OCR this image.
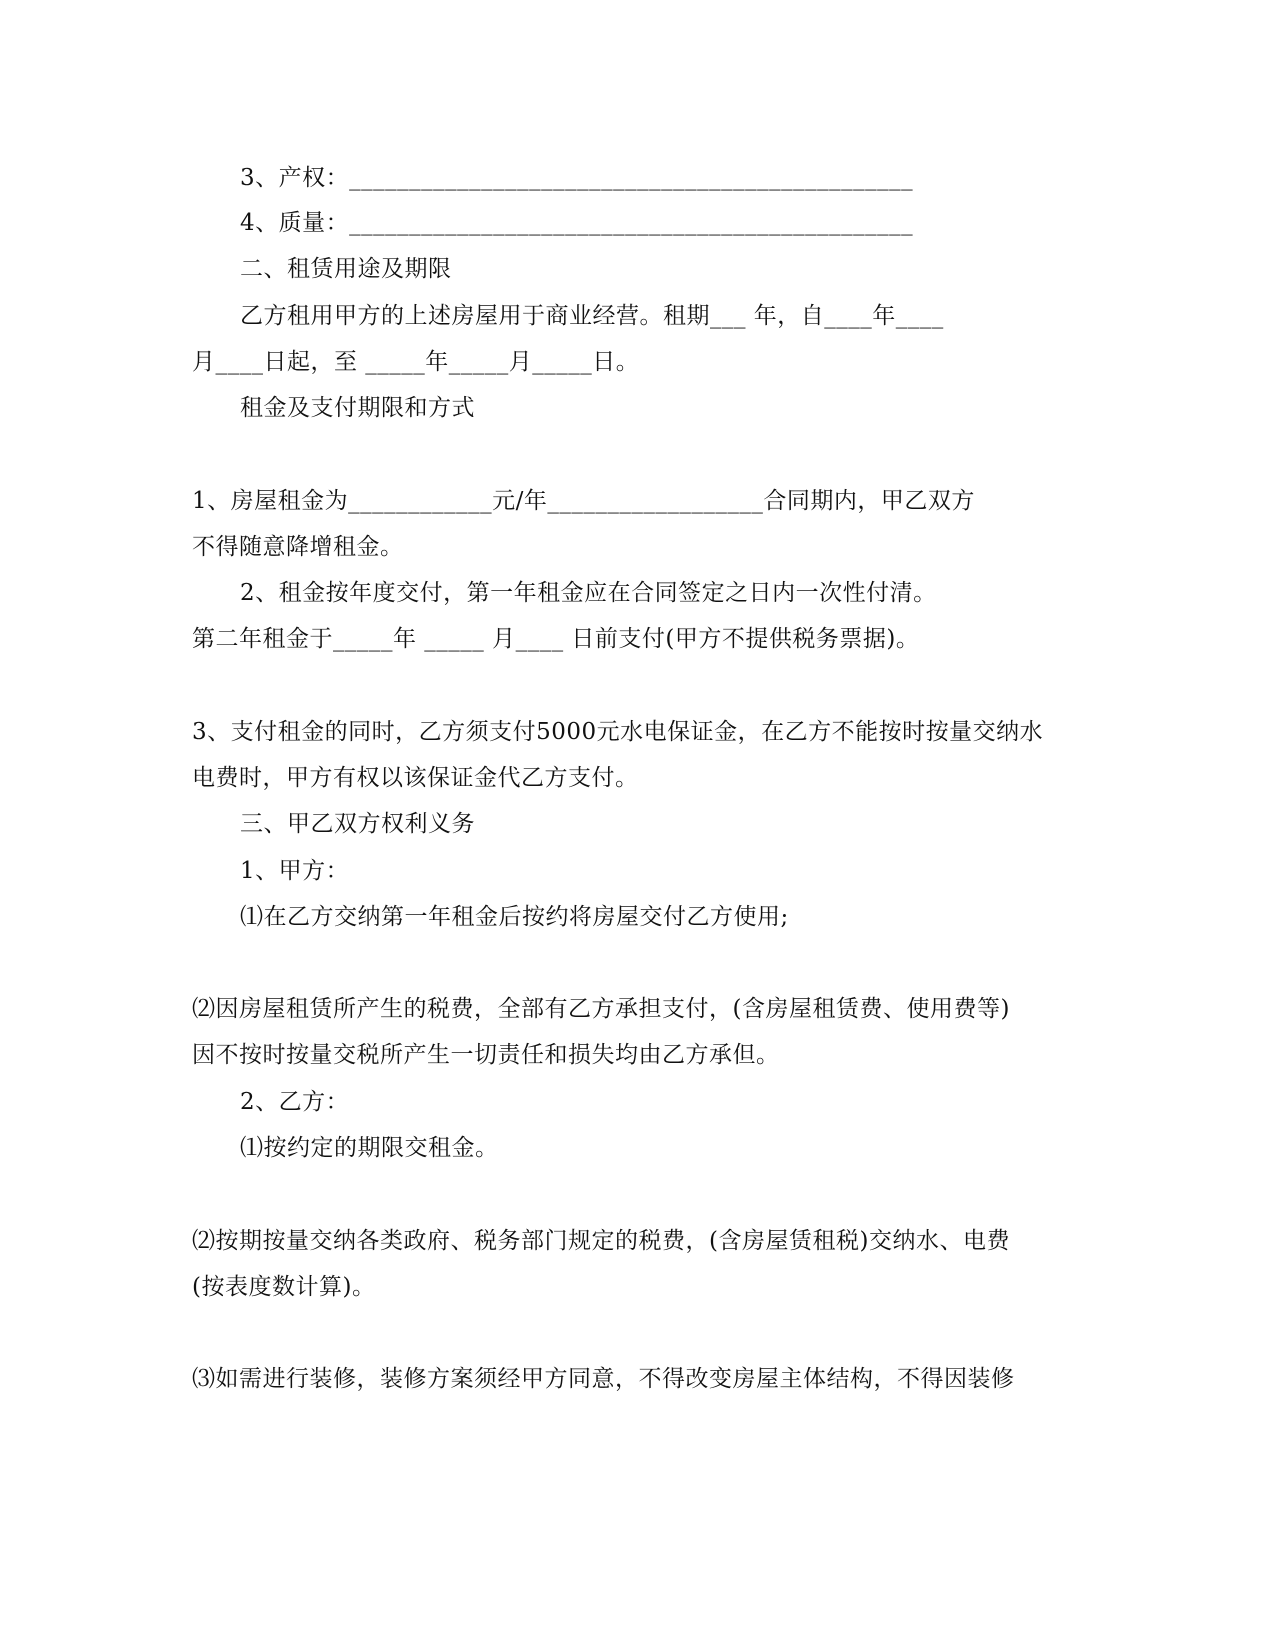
3、产权：_______________________________________________
4、质量：_______________________________________________
二、租赁用途及期限
乙方租用甲方的上述房屋用于商业经营。租期___ 年，自____年____
月____日起，至 _____年_____月_____日。
租金及支付期限和方式
1、房屋租金为____________元/年__________________合同期内，甲乙双方
不得随意降增租金。
2、租金按年度交付，第一年租金应在合同签定之日内一次性付清。
第二年租金于_____年 _____ 月____ 日前支付(甲方不提供税务票据)。
3、支付租金的同时，乙方须支付5000元水电保证金，在乙方不能按时按量交纳水
电费时，甲方有权以该保证金代乙方支付。
三、甲乙双方权利义务
1、甲方：
⑴在乙方交纳第一年租金后按约将房屋交付乙方使用;
⑵因房屋租赁所产生的税费，全部有乙方承担支付，(含房屋租赁费、使用费等)
因不按时按量交税所产生一切责任和损失均由乙方承但。
2、乙方：
⑴按约定的期限交租金。
⑵按期按量交纳各类政府、税务部门规定的税费，(含房屋赁租税)交纳水、电费
(按表度数计算)。
⑶如需进行装修，装修方案须经甲方同意，不得改变房屋主体结构，不得因装修
